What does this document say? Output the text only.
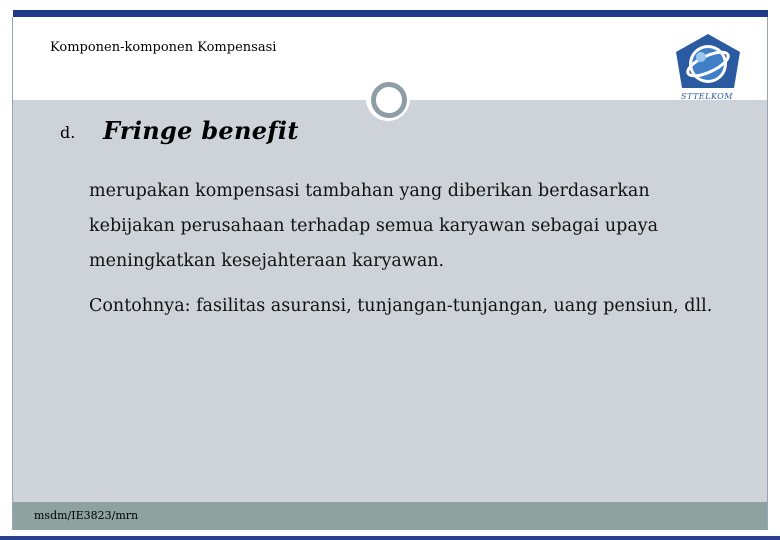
Komponen-komponen Kompensasi
STTELKOM
d. Fringe benefit
merupakan kompensasi tambahan yang diberikan berdasarkan
kebijakan perusahaan terhadap semua karyawan sebagai upaya
meningkatkan kesejahteraan karyawan.
Contohnya: fasilitas asuransi, tunjangan-tunjangan, uang pensiun, dll.
msdm/IE3823/mrn
